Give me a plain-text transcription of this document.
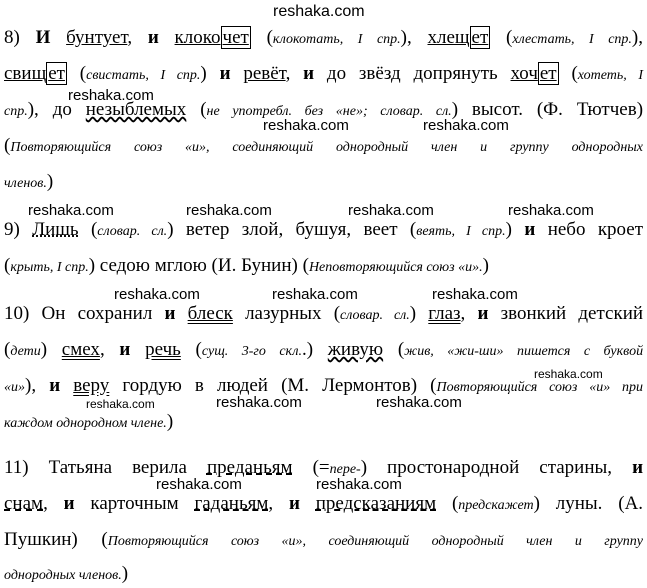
reshaka.com
reshaka.com
reshaka.com	reshaka.com
reshaka.com	reshaka.com	reshaka.com	reshaka.com
reshaka.com	reshaka.com	reshaka.com
reshaka.com
reshaka.com	reshaka.com	reshaka.com
reshaka.com	reshaka.com
8) И бунтует, и клоко чет (клокотать, I спр.), хлещ ет (хлестать, I спр.),
свищ ет (свистать, I спр.) и ревёт, и до звёзд допрянуть хоч ет (хотеть, I
спр.), до незыблемых (не употребл. без «не»; словар. сл.) высот. (Ф. Тютчев)
(Повторяющийся союз «и», соединяющий однородный член и группу однородных
членов.)
9) Лишь (словар. сл.) ветер злой, бушуя, веет (веять, I спр.) и небо кроет
(крыть, I спр.) седою мглою (И. Бунин) (Неповторяющийся союз «и».)
10) Он сохранил и блеск лазурных (словар. сл.) глаз, и звонкий детский
(дети) смех, и речь (сущ. 3-го скл..) живую (жив, «жи-ши» пишется с буквой
«и»), и веру гордую в людей (М. Лермонтов) (Повторяющийся союз «и» при
каждом однородном члене.)
11) Татьяна верила преданьям (=пере-) простонародной старины, и
снам, и карточным гаданьям, и предсказаниям (предскажет) луны. (А.
Пушкин) (Повторяющийся союз «и», соединяющий однородный член и группу
однородных членов.)
